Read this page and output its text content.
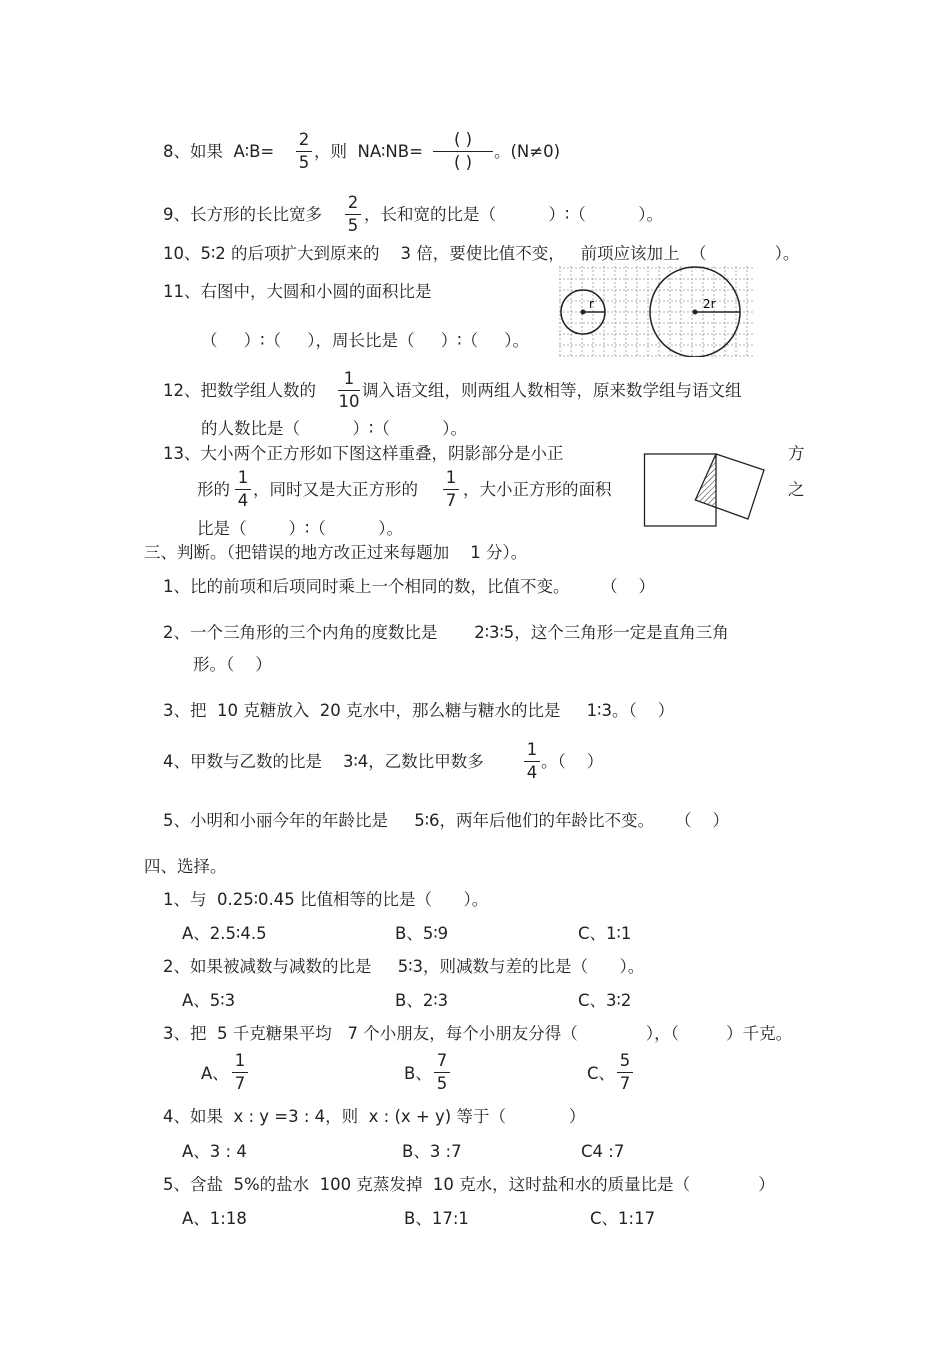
8、如果  A∶B=
2
5
，则  NA∶NB=
( )
( )
。(N≠0)
9、长方形的长比宽多
2
5
，长和宽的比是（          ）∶（          ）。
10、5∶2 的后项扩大到原来的    3 倍，要使比值不变，   前项应该加上  （             ）。
11、右图中，大圆和小圆的面积比是
（     ）∶（     ），周长比是（     ）∶（     ）。
r	2r
12、把数学组人数的
1
10
调入语文组，则两组人数相等，原来数学组与语文组
的人数比是（          ）∶（          ）。
13、大小两个正方形如下图这样重叠，阴影部分是小正	方
形的
1
4
，同时又是大正方形的
1
7
，大小正方形的面积	之
比是（        ）∶（          ）。
三、判断。（把错误的地方改正过来每题加    1 分）。
1、比的前项和后项同时乘上一个相同的数，比值不变。      （    ）
2、一个三角形的三个内角的度数比是       2∶3∶5，这个三角形一定是直角三角
形。（    ）
3、把  10 克糖放入  20 克水中，那么糖与糖水的比是     1∶3。（    ）
4、甲数与乙数的比是    3∶4，乙数比甲数多
1
4
。（    ）
5、小明和小丽今年的年龄比是     5∶6，两年后他们的年龄比不变。    （    ）
四、选择。
1、与  0.25∶0.45 比值相等的比是（      ）。
A、2.5∶4.5	B、5∶9	C、1∶1
2、如果被减数与减数的比是     5∶3，则减数与差的比是（      ）。
A、5∶3	B、2∶3	C、3∶2
3、把  5 千克糖果平均   7 个小朋友，每个小朋友分得（             ），（         ）千克。
A、
1
7
B、
7
5
C、
5
7
4、如果  x : y =3 : 4，则  x : (x + y) 等于（            ）
A、3 : 4	B、3 :7	C4 :7
5、含盐  5%的盐水  100 克蒸发掉  10 克水，这时盐和水的质量比是（             ）
A、1:18	B、17:1	C、1:17
